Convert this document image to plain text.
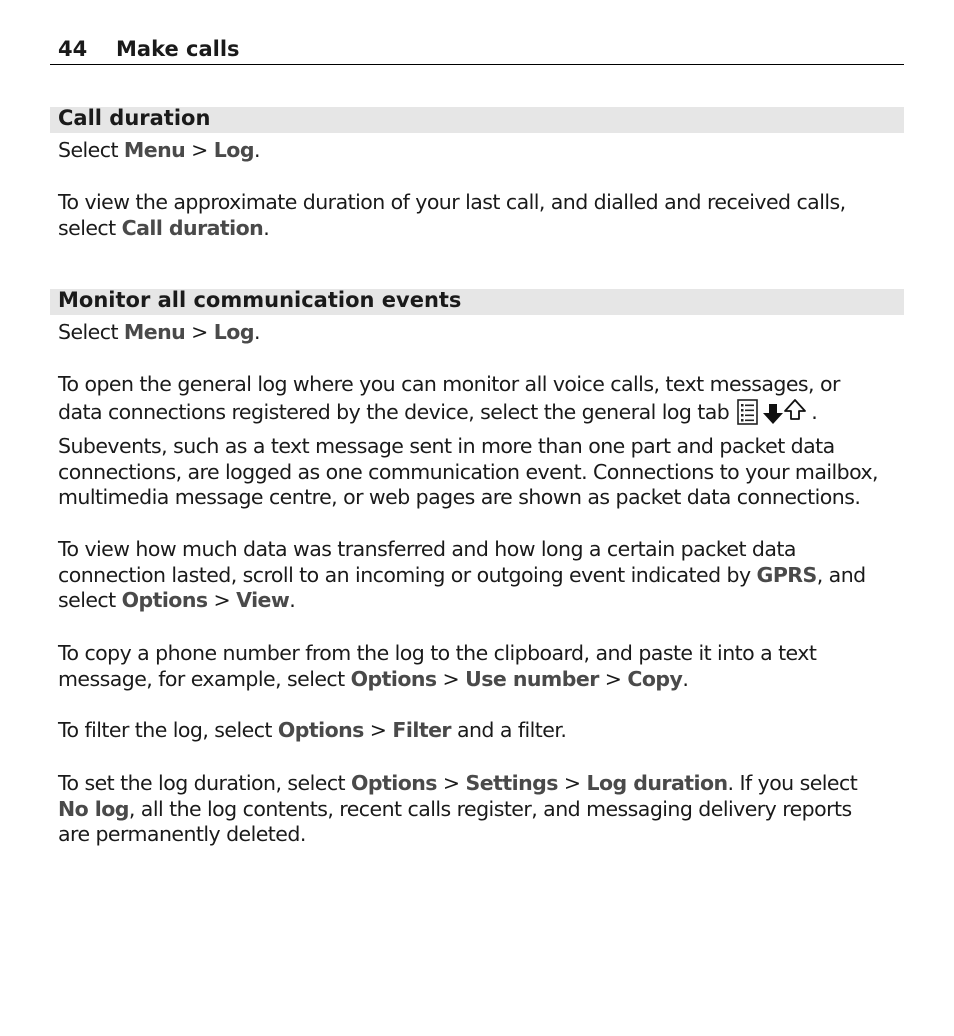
44 Make calls
Call duration
Select Menu > Log.
To view the approximate duration of your last call, and dialled and received calls,
select Call duration.
Monitor all communication events
Select Menu > Log.
To open the general log where you can monitor all voice calls, text messages, or
data connections registered by the device, select the general log tab	.
Subevents, such as a text message sent in more than one part and packet data
connections, are logged as one communication event. Connections to your mailbox,
multimedia message centre, or web pages are shown as packet data connections.
To view how much data was transferred and how long a certain packet data
connection lasted, scroll to an incoming or outgoing event indicated by GPRS, and
select Options > View.
To copy a phone number from the log to the clipboard, and paste it into a text
message, for example, select Options > Use number > Copy.
To filter the log, select Options > Filter and a filter.
To set the log duration, select Options > Settings > Log duration. If you select
No log, all the log contents, recent calls register, and messaging delivery reports
are permanently deleted.
